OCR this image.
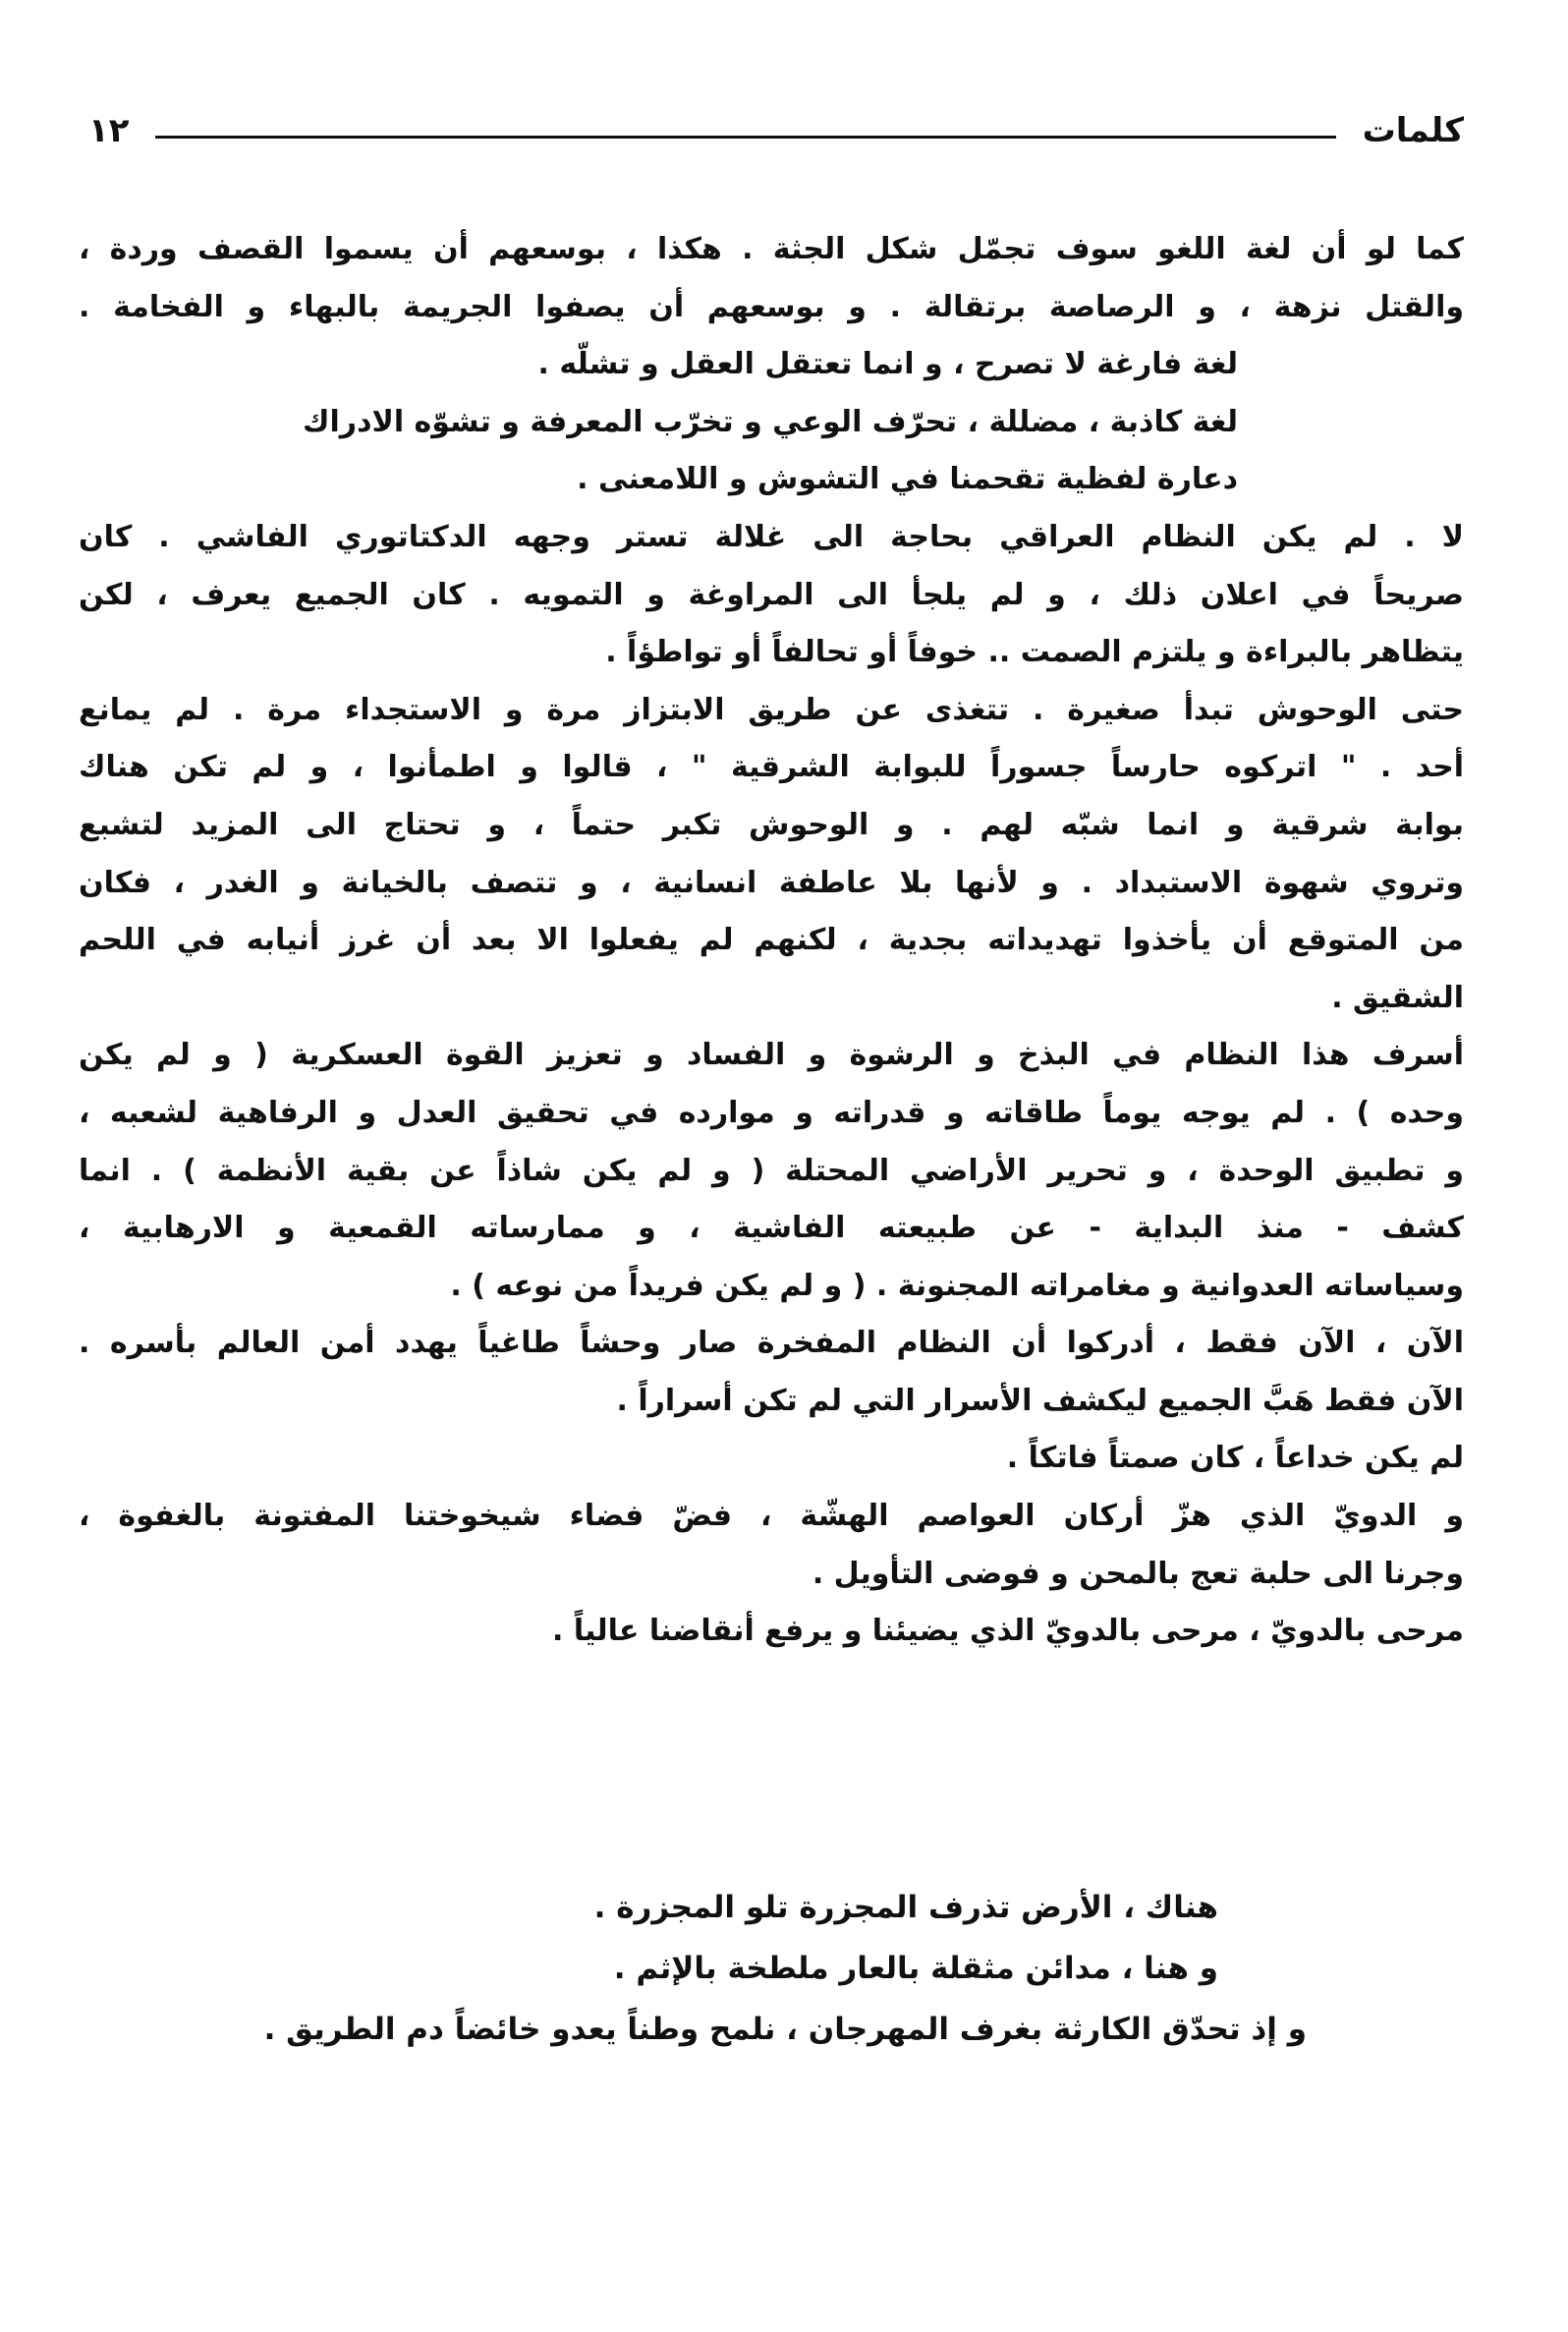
١٢	كلمات
كما لو أن لغة اللغو سوف تجمّل شكل الجثة . هكذا ، بوسعهم أن يسموا القصف وردة ،
والقتل نزهة ، و الرصاصة برتقالة . و بوسعهم أن يصفوا الجريمة بالبهاء و الفخامة .
لغة فارغة لا تصرح ، و انما تعتقل العقل و تشلّه .
لغة كاذبة ، مضللة ، تحرّف الوعي و تخرّب المعرفة و تشوّه الادراك
دعارة لفظية تقحمنا في التشوش و اللامعنى .
لا . لم يكن النظام العراقي بحاجة الى غلالة تستر وجهه الدكتاتوري الفاشي . كان
صريحاً في اعلان ذلك ، و لم يلجأ الى المراوغة و التمويه . كان الجميع يعرف ، لكن
يتظاهر بالبراءة و يلتزم الصمت .. خوفاً أو تحالفاً أو تواطؤاً .
حتى الوحوش تبدأ صغيرة . تتغذى عن طريق الابتزاز مرة و الاستجداء مرة . لم يمانع
أحد . " اتركوه حارساً جسوراً للبوابة الشرقية " ، قالوا و اطمأنوا ، و لم تكن هناك
بوابة شرقية و انما شبّه لهم . و الوحوش تكبر حتماً ، و تحتاج الى المزيد لتشبع
وتروي شهوة الاستبداد . و لأنها بلا عاطفة انسانية ، و تتصف بالخيانة و الغدر ، فكان
من المتوقع أن يأخذوا تهديداته بجدية ، لكنهم لم يفعلوا الا بعد أن غرز أنيابه في اللحم
الشقيق .
أسرف هذا النظام في البذخ و الرشوة و الفساد و تعزيز القوة العسكرية ( و لم يكن
وحده ) . لم يوجه يوماً طاقاته و قدراته و موارده في تحقيق العدل و الرفاهية لشعبه ،
و تطبيق الوحدة ، و تحرير الأراضي المحتلة ( و لم يكن شاذاً عن بقية الأنظمة ) . انما
كشف - منذ البداية - عن طبيعته الفاشية ، و ممارساته القمعية و الارهابية ،
وسياساته العدوانية و مغامراته المجنونة . ( و لم يكن فريداً من نوعه ) .
الآن ، الآن فقط ، أدركوا أن النظام المفخرة صار وحشاً طاغياً يهدد أمن العالم بأسره .
الآن فقط هَبَّ الجميع ليكشف الأسرار التي لم تكن أسراراً .
لم يكن خداعاً ، كان صمتاً فاتكاً .
و الدويّ الذي هزّ أركان العواصم الهشّة ، فضّ فضاء شيخوختنا المفتونة بالغفوة ،
وجرنا الى حلبة تعج بالمحن و فوضى التأويل .
مرحى بالدويّ ، مرحى بالدويّ الذي يضيئنا و يرفع أنقاضنا عالياً .
هناك ، الأرض تذرف المجزرة تلو المجزرة .
و هنا ، مدائن مثقلة بالعار ملطخة بالإثم .
و إذ تحدّق الكارثة بغرف المهرجان ، نلمح وطناً يعدو خائضاً دم الطريق .
